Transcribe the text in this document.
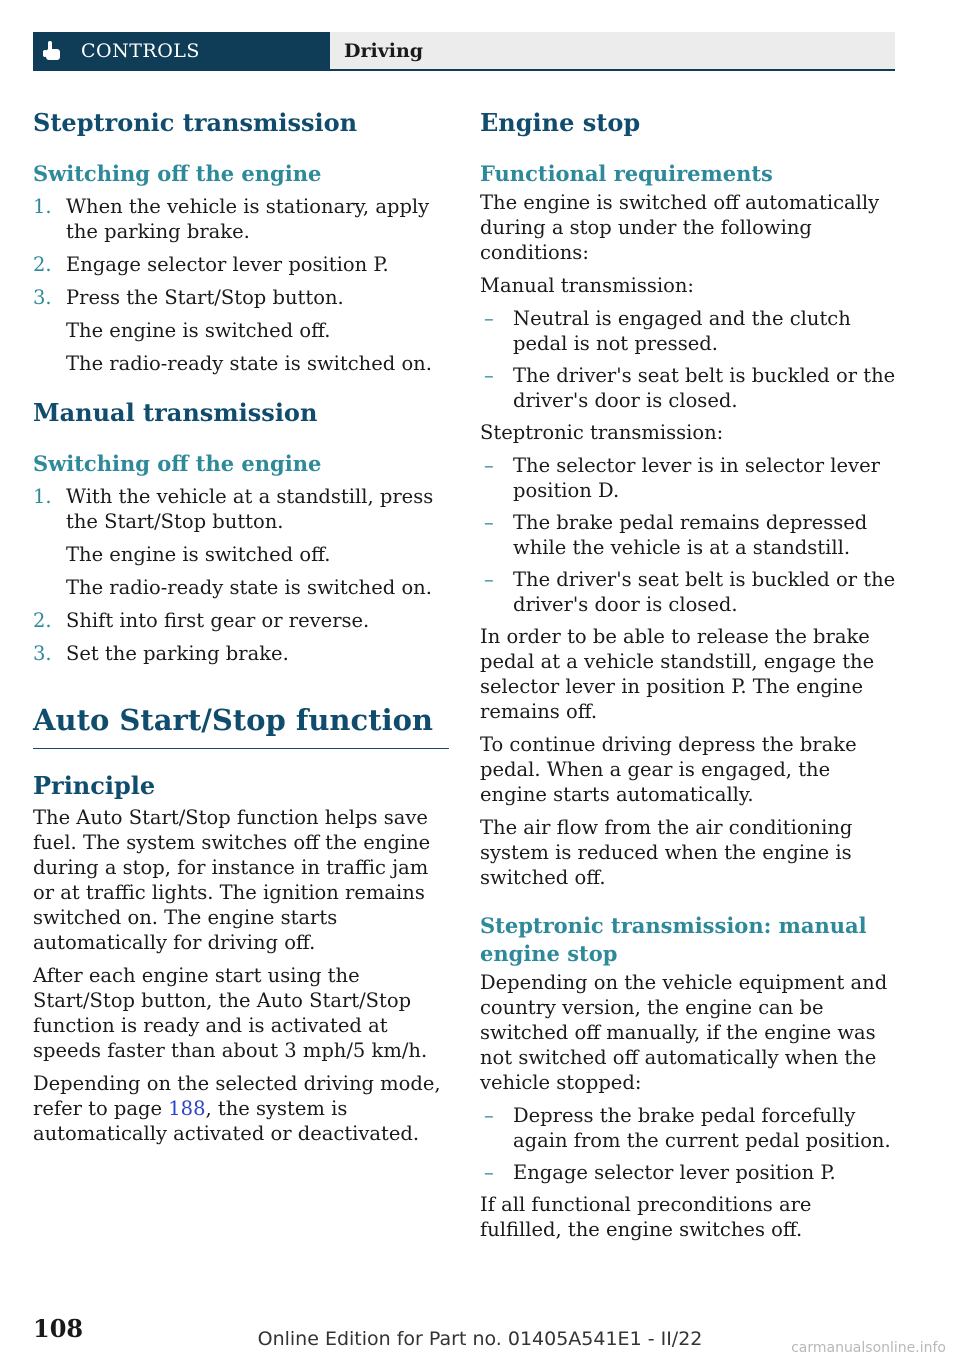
CONTROLS	Driving
Steptronic transmission
Switching off the engine
1. When the vehicle is stationary, apply the parking brake.
2. Engage selector lever position P.
3. Press the Start/Stop button.
The engine is switched off.
The radio-ready state is switched on.
Manual transmission
Switching off the engine
1. With the vehicle at a standstill, press the Start/Stop button.
The engine is switched off.
The radio-ready state is switched on.
2. Shift into first gear or reverse.
3. Set the parking brake.
Auto Start/Stop function
Principle

The Auto Start/Stop function helps save fuel. The system switches off the engine during a stop, for instance in traffic jam or at traffic lights. The ignition remains switched on. The engine starts automatically for driving off.

After each engine start using the Start/Stop button, the Auto Start/Stop function is ready and is activated at speeds faster than about 3 mph/5 km/h.

Depending on the selected driving mode, refer to page 188, the system is automatically activated or deactivated.

Engine stop
Functional requirements

The engine is switched off automatically during a stop under the following conditions:

Manual transmission:

– Neutral is engaged and the clutch pedal is not pressed.
– The driver's seat belt is buckled or the driver's door is closed.

Steptronic transmission:

– The selector lever is in selector lever position D.
– The brake pedal remains depressed while the vehicle is at a standstill.
– The driver's seat belt is buckled or the driver's door is closed.

In order to be able to release the brake pedal at a vehicle standstill, engage the selector lever in position P. The engine remains off.

To continue driving depress the brake pedal. When a gear is engaged, the engine starts automatically.

The air flow from the air conditioning system is reduced when the engine is switched off.

Steptronic transmission: manual engine stop

Depending on the vehicle equipment and country version, the engine can be switched off manually, if the engine was not switched off automatically when the vehicle stopped:

– Depress the brake pedal forcefully again from the current pedal position.
– Engage selector lever position P.

If all functional preconditions are fulfilled, the engine switches off.

108	Online Edition for Part no. 01405A541E1 - II/22	carmanualsonline.info
